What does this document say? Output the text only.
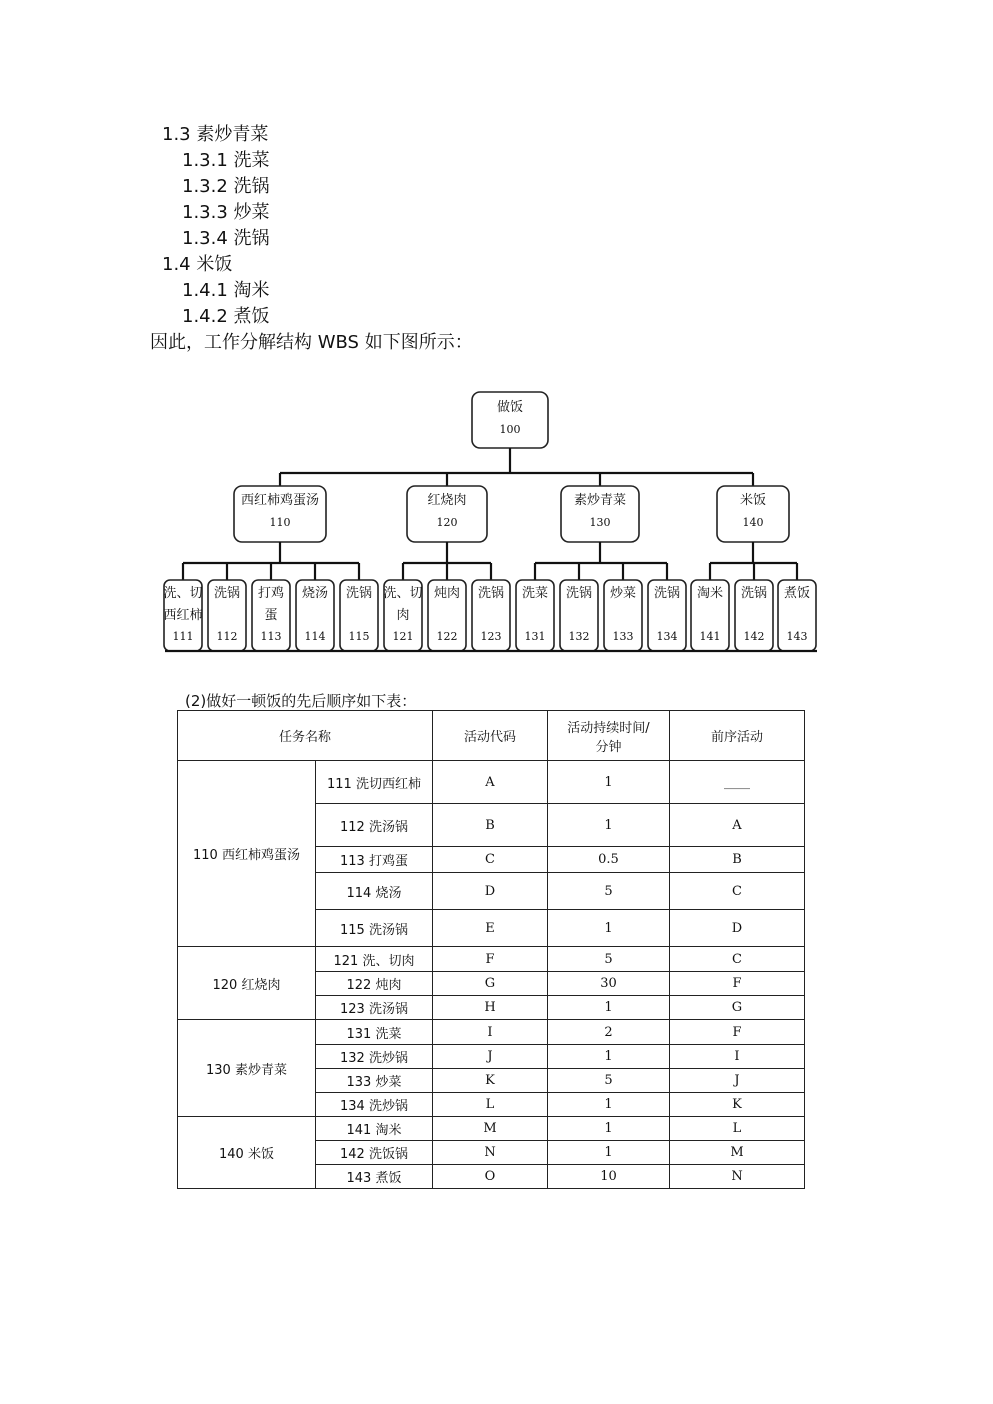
1.3 素炒青菜
1.3.1 洗菜
1.3.2 洗锅
1.3.3 炒菜
1.3.4 洗锅
1.4 米饭
1.4.1 淘米
1.4.2 煮饭
因此，工作分解结构 WBS 如下图所示：
做饭
100
西红柿鸡蛋汤
110
洗、切
西红柿
111
洗锅
112
打鸡
蛋
113
烧汤
114
洗锅
115
红烧肉
120
洗、切
肉
121
炖肉
122
洗锅
123
素炒青菜
130
洗菜
131
洗锅
132
炒菜
133
洗锅
134
米饭
140
淘米
141
洗锅
142
煮饭
143
(2)做好一顿饭的先后顺序如下表：
任务名称		活动代码	活动持续时间/
分钟	前序活动
110 西红柿鸡蛋汤	111 洗切西红柿	A	1	____
	112 洗汤锅	B	1	A
	113 打鸡蛋	C	0.5	B
	114 烧汤	D	5	C
	115 洗汤锅	E	1	D
120 红烧肉	121 洗、切肉	F	5	C
	122 炖肉	G	30	F
	123 洗汤锅	H	1	G
130 素炒青菜	131 洗菜	I	2	F
	132 洗炒锅	J	1	I
	133 炒菜	K	5	J
	134 洗炒锅	L	1	K
140 米饭	141 淘米	M	1	L
	142 洗饭锅	N	1	M
	143 煮饭	O	10	N
